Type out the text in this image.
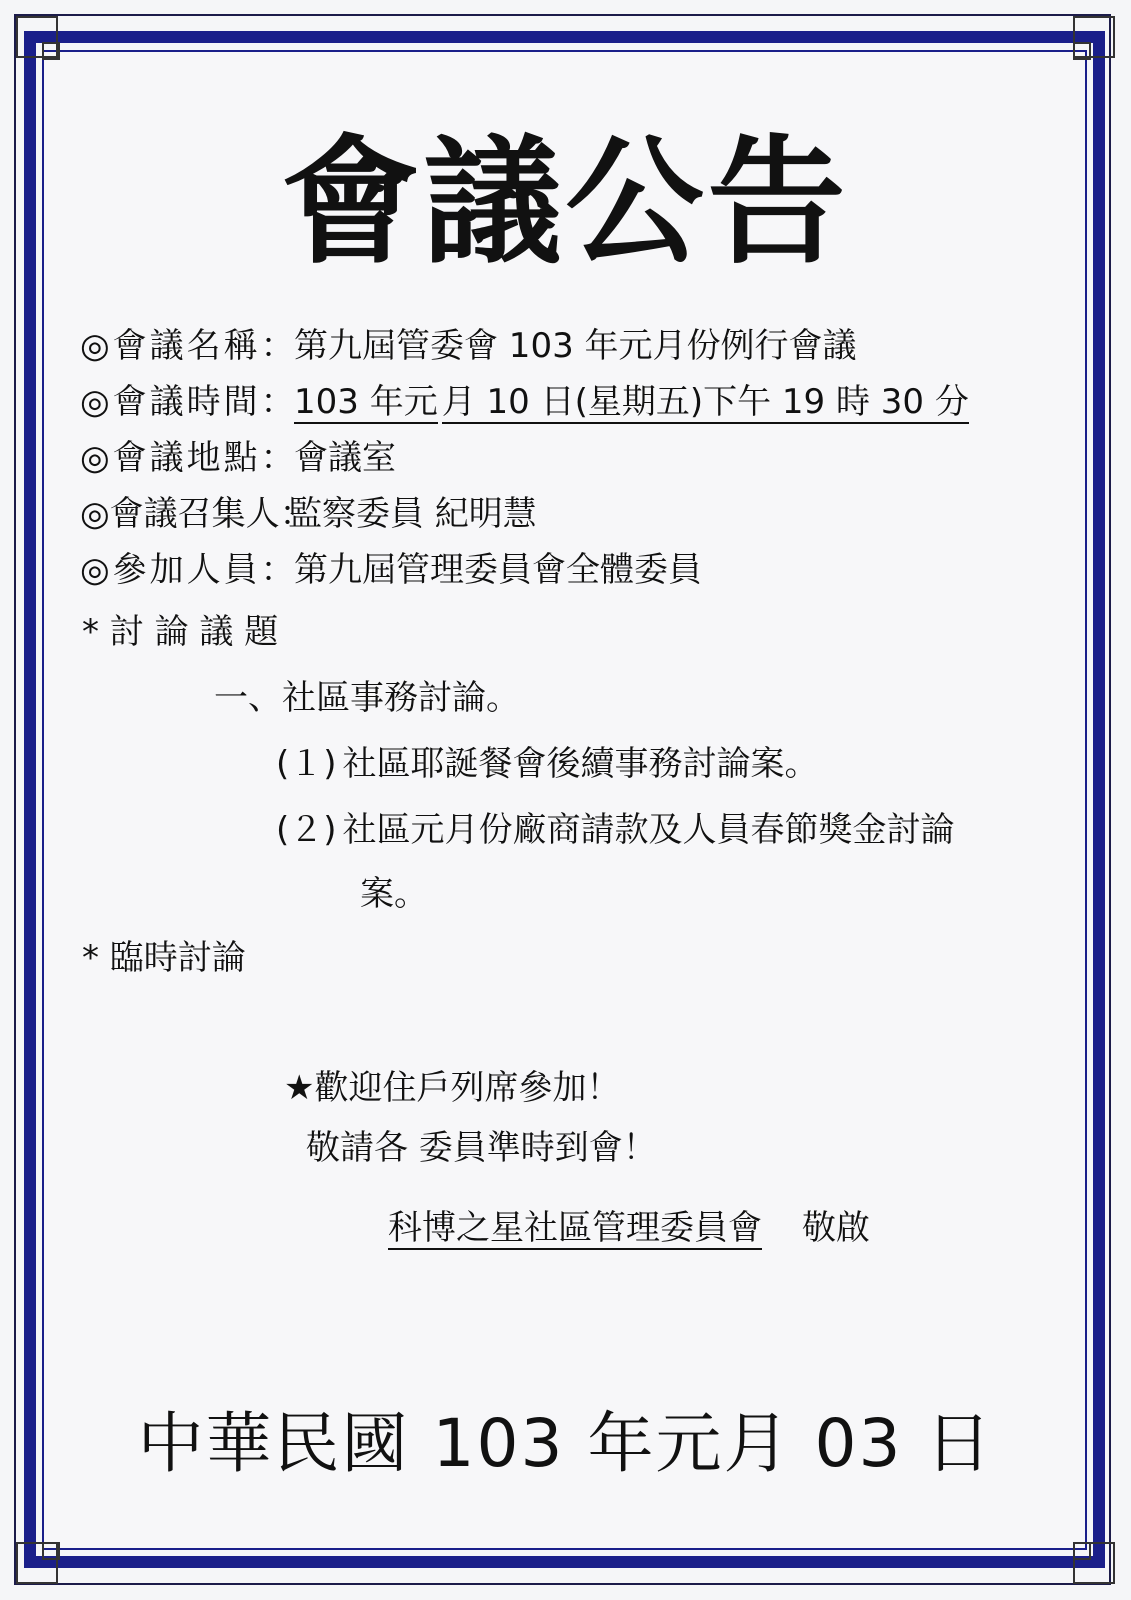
會議公告
◎會議名稱：第九屆管委會 103 年元月份例行會議
◎會議時間：103 年元 月 10 日(星期五)下午 19 時 30 分
◎會議地點：會議室
◎會議召集人：監察委員 紀明慧
◎參加人員：第九屆管理委員會全體委員
* 討 論 議 題
一、社區事務討論。
(１) 社區耶誕餐會後續事務討論案。
(２) 社區元月份廠商請款及人員春節獎金討論
案。
* 臨時討論
★歡迎住戶列席參加！
敬請各 委員準時到會！
科博之星社區管理委員會 敬啟
中華民國 103 年元月 03 日
